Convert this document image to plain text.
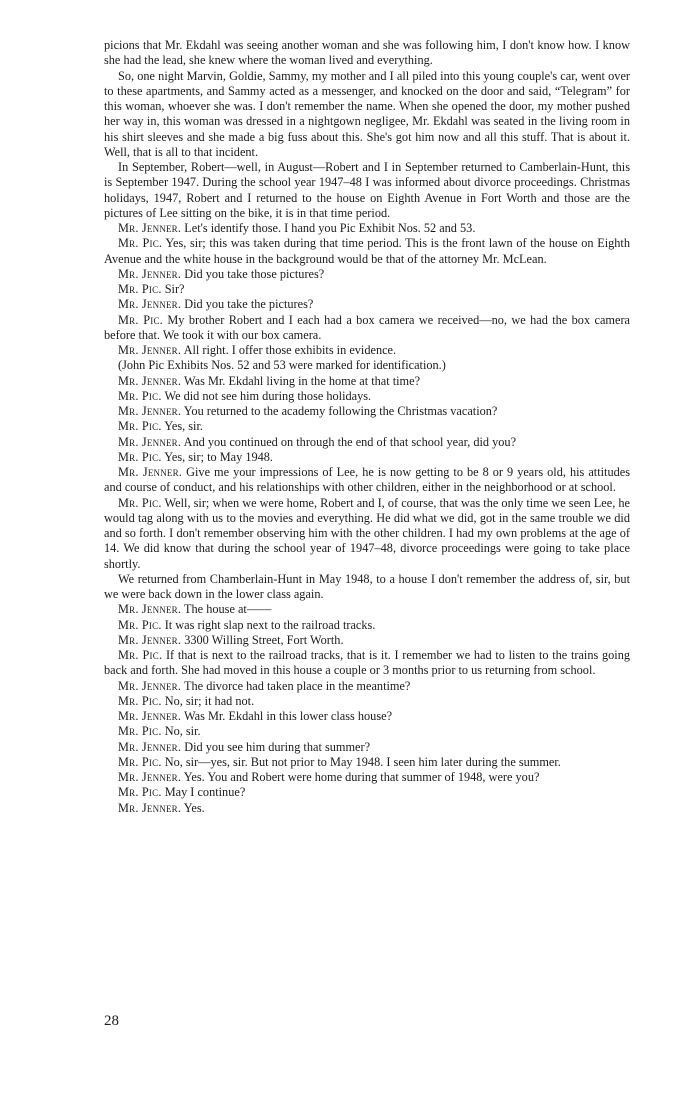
picions that Mr. Ekdahl was seeing another woman and she was following him, I don't know how. I know she had the lead, she knew where the woman lived and everything.

So, one night Marvin, Goldie, Sammy, my mother and I all piled into this young couple's car, went over to these apartments, and Sammy acted as a messenger, and knocked on the door and said, “Telegram” for this woman, whoever she was. I don't remember the name. When she opened the door, my mother pushed her way in, this woman was dressed in a nightgown negligee, Mr. Ekdahl was seated in the living room in his shirt sleeves and she made a big fuss about this. She's got him now and all this stuff. That is about it. Well, that is all to that incident.

In September, Robert—well, in August—Robert and I in September returned to Camberlain-Hunt, this is September 1947. During the school year 1947–48 I was informed about divorce proceedings. Christmas holidays, 1947, Robert and I returned to the house on Eighth Avenue in Fort Worth and those are the pictures of Lee sitting on the bike, it is in that time period.

Mr. Jenner. Let's identify those. I hand you Pic Exhibit Nos. 52 and 53.

Mr. Pic. Yes, sir; this was taken during that time period. This is the front lawn of the house on Eighth Avenue and the white house in the background would be that of the attorney Mr. McLean.

Mr. Jenner. Did you take those pictures?

Mr. Pic. Sir?

Mr. Jenner. Did you take the pictures?

Mr. Pic. My brother Robert and I each had a box camera we received—no, we had the box camera before that. We took it with our box camera.

Mr. Jenner. All right. I offer those exhibits in evidence.

(John Pic Exhibits Nos. 52 and 53 were marked for identification.)

Mr. Jenner. Was Mr. Ekdahl living in the home at that time?

Mr. Pic. We did not see him during those holidays.

Mr. Jenner. You returned to the academy following the Christmas vacation?

Mr. Pic. Yes, sir.

Mr. Jenner. And you continued on through the end of that school year, did you?

Mr. Pic. Yes, sir; to May 1948.

Mr. Jenner. Give me your impressions of Lee, he is now getting to be 8 or 9 years old, his attitudes and course of conduct, and his relationships with other children, either in the neighborhood or at school.

Mr. Pic. Well, sir; when we were home, Robert and I, of course, that was the only time we seen Lee, he would tag along with us to the movies and everything. He did what we did, got in the same trouble we did and so forth. I don't remember observing him with the other children. I had my own problems at the age of 14. We did know that during the school year of 1947–48, divorce proceedings were going to take place shortly.

We returned from Chamberlain-Hunt in May 1948, to a house I don't remember the address of, sir, but we were back down in the lower class again.

Mr. Jenner. The house at——

Mr. Pic. It was right slap next to the railroad tracks.

Mr. Jenner. 3300 Willing Street, Fort Worth.

Mr. Pic. If that is next to the railroad tracks, that is it. I remember we had to listen to the trains going back and forth. She had moved in this house a couple or 3 months prior to us returning from school.

Mr. Jenner. The divorce had taken place in the meantime?

Mr. Pic. No, sir; it had not.

Mr. Jenner. Was Mr. Ekdahl in this lower class house?

Mr. Pic. No, sir.

Mr. Jenner. Did you see him during that summer?

Mr. Pic. No, sir—yes, sir. But not prior to May 1948. I seen him later during the summer.

Mr. Jenner. Yes. You and Robert were home during that summer of 1948, were you?

Mr. Pic. May I continue?

Mr. Jenner. Yes.

28
